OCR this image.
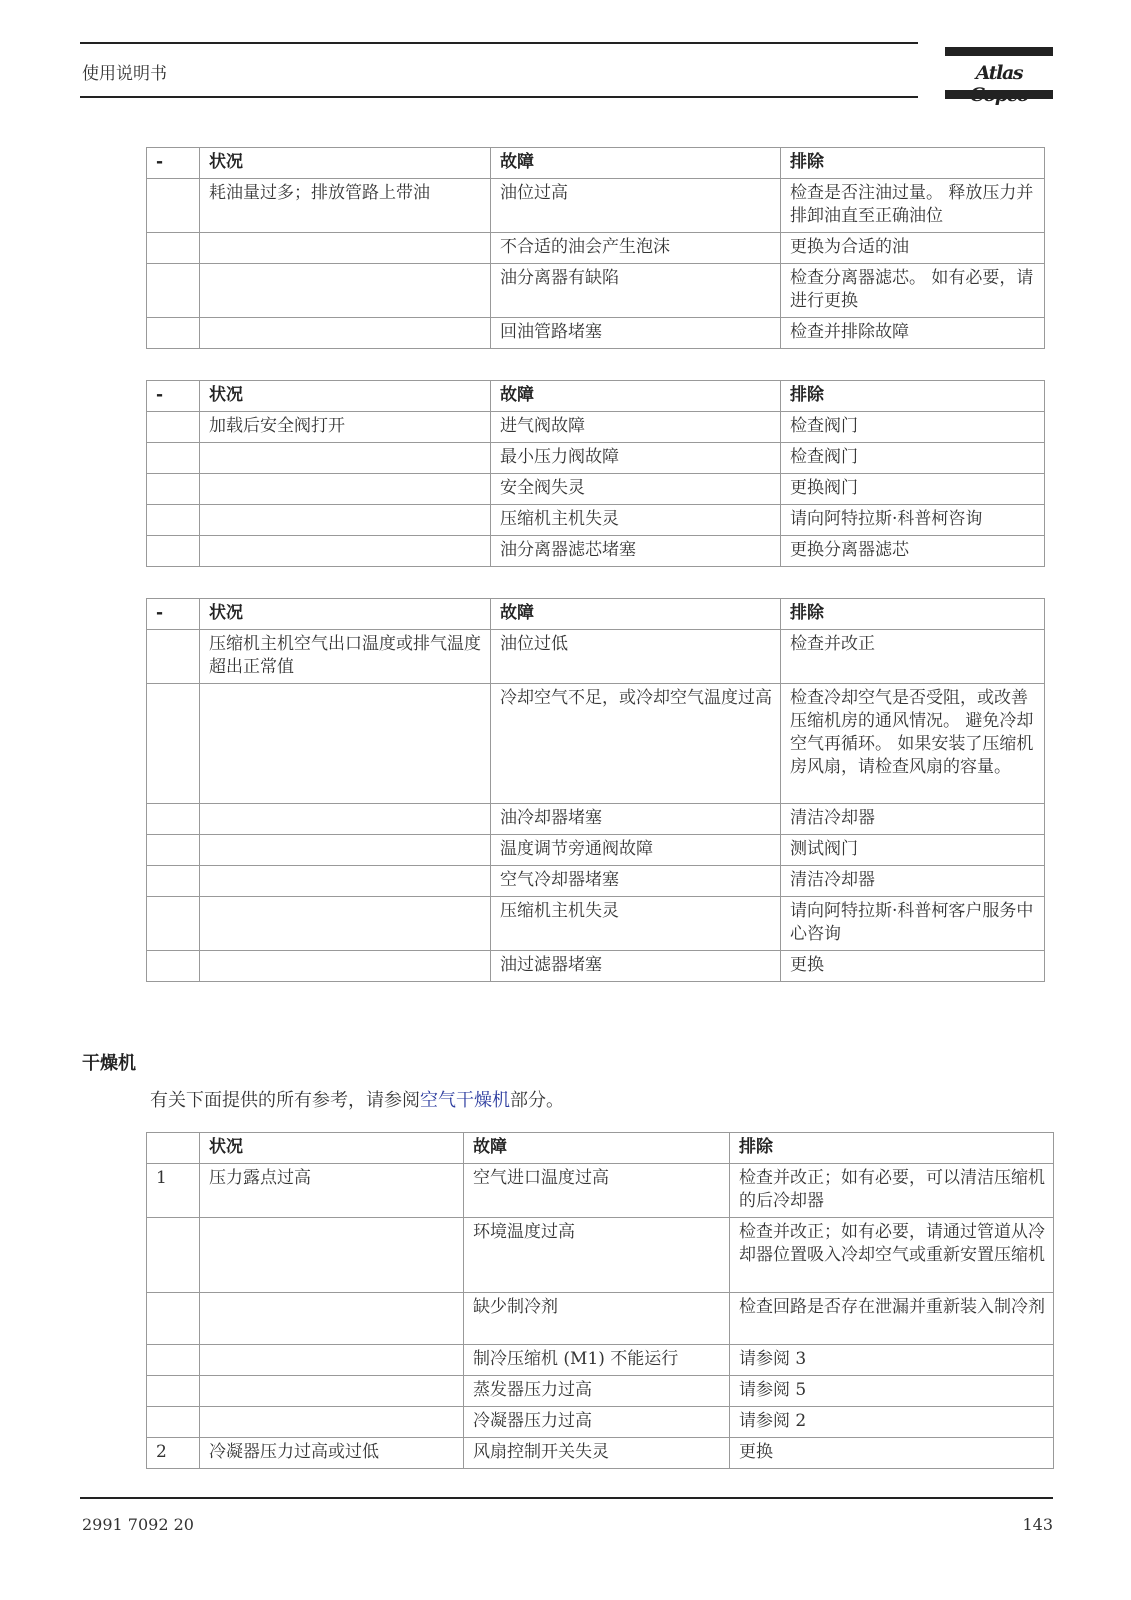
使用说明书	Atlas
-	状况	故障	排除
	耗油量过多；排放管路上带油	油位过高	检查是否注油过量。 释放压力并排卸油直至正确油位
		不合适的油会产生泡沫	更换为合适的油
		油分离器有缺陷	检查分离器滤芯。 如有必要，请进行更换
		回油管路堵塞	检查并排除故障
-	状况	故障	排除
	加载后安全阀打开	进气阀故障	检查阀门
		最小压力阀故障	检查阀门
		安全阀失灵	更换阀门
		压缩机主机失灵	请向阿特拉斯·科普柯咨询
		油分离器滤芯堵塞	更换分离器滤芯
-	状况	故障	排除
	压缩机主机空气出口温度或排气温度超出正常值	油位过低	检查并改正
		冷却空气不足，或冷却空气温度过高	检查冷却空气是否受阻，或改善压缩机房的通风情况。 避免冷却空气再循环。 如果安装了压缩机房风扇，请检查风扇的容量。
		油冷却器堵塞	清洁冷却器
		温度调节旁通阀故障	测试阀门
		空气冷却器堵塞	清洁冷却器
		压缩机主机失灵	请向阿特拉斯·科普柯客户服务中心咨询
		油过滤器堵塞	更换
干燥机
有关下面提供的所有参考，请参阅空气干燥机部分。
	状况	故障	排除
1	压力露点过高	空气进口温度过高	检查并改正；如有必要，可以清洁压缩机的后冷却器
		环境温度过高	检查并改正；如有必要，请通过管道从冷却器位置吸入冷却空气或重新安置压缩机
		缺少制冷剂	检查回路是否存在泄漏并重新装入制冷剂
		制冷压缩机 (M1) 不能运行	请参阅 3
		蒸发器压力过高	请参阅 5
		冷凝器压力过高	请参阅 2
2	冷凝器压力过高或过低	风扇控制开关失灵	更换
2991 7092 20	143
